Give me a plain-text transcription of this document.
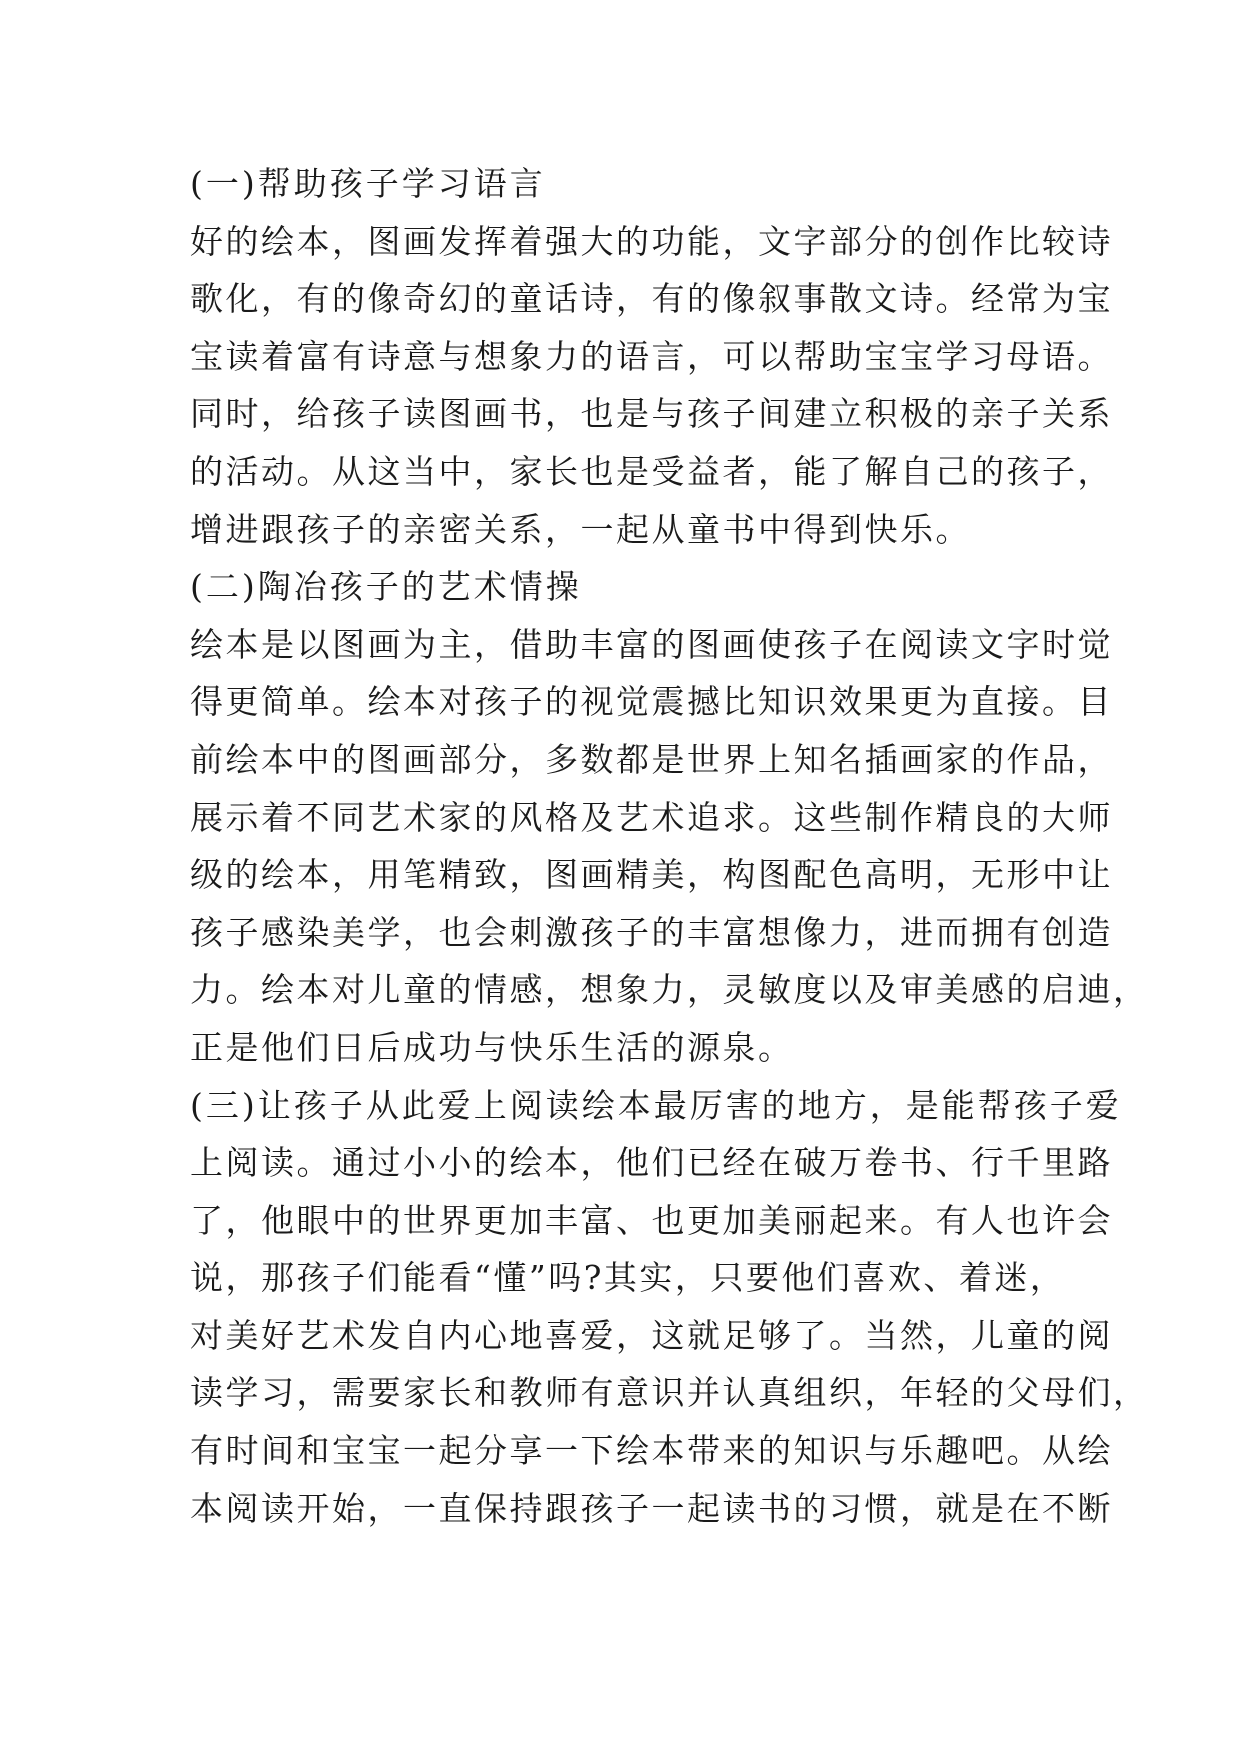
(一)帮助孩子学习语言
好的绘本，图画发挥着强大的功能，文字部分的创作比较诗
歌化，有的像奇幻的童话诗，有的像叙事散文诗。经常为宝
宝读着富有诗意与想象力的语言，可以帮助宝宝学习母语。
同时，给孩子读图画书，也是与孩子间建立积极的亲子关系
的活动。从这当中，家长也是受益者，能了解自己的孩子，
增进跟孩子的亲密关系，一起从童书中得到快乐。
(二)陶冶孩子的艺术情操
绘本是以图画为主，借助丰富的图画使孩子在阅读文字时觉
得更简单。绘本对孩子的视觉震撼比知识效果更为直接。目
前绘本中的图画部分，多数都是世界上知名插画家的作品，
展示着不同艺术家的风格及艺术追求。这些制作精良的大师
级的绘本，用笔精致，图画精美，构图配色高明，无形中让
孩子感染美学，也会刺激孩子的丰富想像力，进而拥有创造
力。绘本对儿童的情感，想象力，灵敏度以及审美感的启迪，
正是他们日后成功与快乐生活的源泉。
(三)让孩子从此爱上阅读绘本最厉害的地方，是能帮孩子爱
上阅读。通过小小的绘本，他们已经在破万卷书、行千里路
了，他眼中的世界更加丰富、也更加美丽起来。有人也许会
说，那孩子们能看“懂”吗?其实，只要他们喜欢、着迷，
对美好艺术发自内心地喜爱，这就足够了。当然，儿童的阅
读学习，需要家长和教师有意识并认真组织，年轻的父母们，
有时间和宝宝一起分享一下绘本带来的知识与乐趣吧。从绘
本阅读开始，一直保持跟孩子一起读书的习惯，就是在不断
